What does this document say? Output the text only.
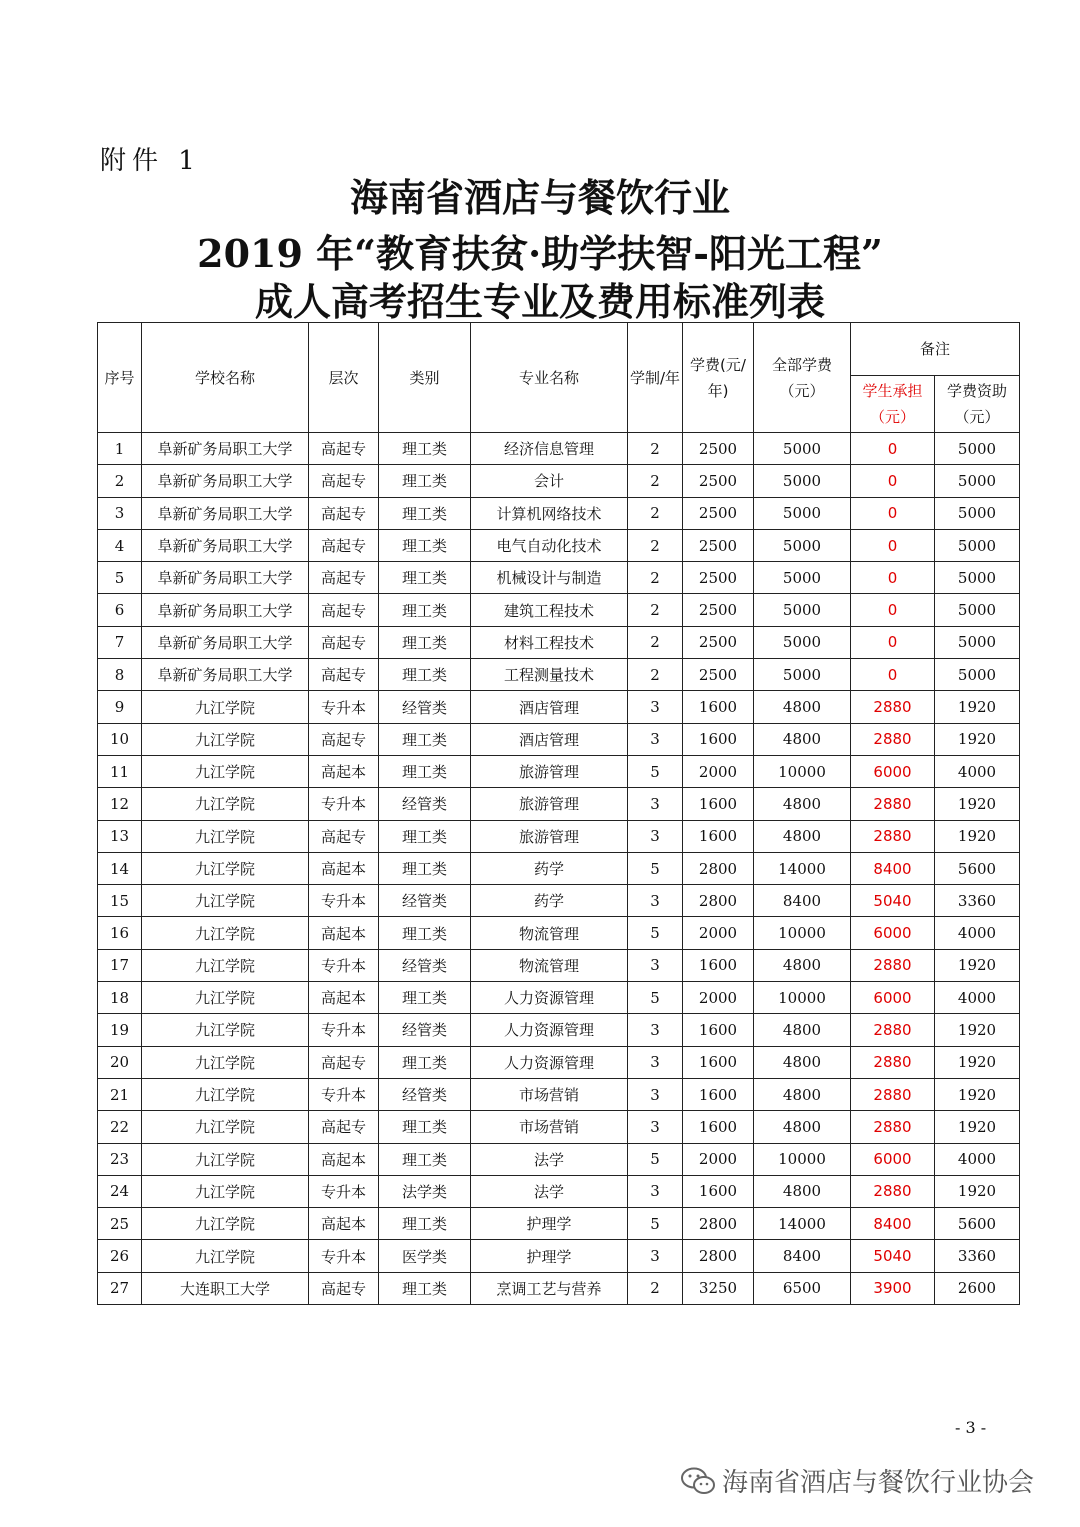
附件 1
海南省酒店与餐饮行业
2019 年“教育扶贫·助学扶智-阳光工程”
成人高考招生专业及费用标准列表
序号	学校名称	层次	类别	专业名称	学制/年	学费(元/年)	全部学费（元）	备注	
								学生承担（元）	学费资助（元）
1	阜新矿务局职工大学	高起专	理工类	经济信息管理	2	2500	5000	0	5000
2	阜新矿务局职工大学	高起专	理工类	会计	2	2500	5000	0	5000
3	阜新矿务局职工大学	高起专	理工类	计算机网络技术	2	2500	5000	0	5000
4	阜新矿务局职工大学	高起专	理工类	电气自动化技术	2	2500	5000	0	5000
5	阜新矿务局职工大学	高起专	理工类	机械设计与制造	2	2500	5000	0	5000
6	阜新矿务局职工大学	高起专	理工类	建筑工程技术	2	2500	5000	0	5000
7	阜新矿务局职工大学	高起专	理工类	材料工程技术	2	2500	5000	0	5000
8	阜新矿务局职工大学	高起专	理工类	工程测量技术	2	2500	5000	0	5000
9	九江学院	专升本	经管类	酒店管理	3	1600	4800	2880	1920
10	九江学院	高起专	理工类	酒店管理	3	1600	4800	2880	1920
11	九江学院	高起本	理工类	旅游管理	5	2000	10000	6000	4000
12	九江学院	专升本	经管类	旅游管理	3	1600	4800	2880	1920
13	九江学院	高起专	理工类	旅游管理	3	1600	4800	2880	1920
14	九江学院	高起本	理工类	药学	5	2800	14000	8400	5600
15	九江学院	专升本	经管类	药学	3	2800	8400	5040	3360
16	九江学院	高起本	理工类	物流管理	5	2000	10000	6000	4000
17	九江学院	专升本	经管类	物流管理	3	1600	4800	2880	1920
18	九江学院	高起本	理工类	人力资源管理	5	2000	10000	6000	4000
19	九江学院	专升本	经管类	人力资源管理	3	1600	4800	2880	1920
20	九江学院	高起专	理工类	人力资源管理	3	1600	4800	2880	1920
21	九江学院	专升本	经管类	市场营销	3	1600	4800	2880	1920
22	九江学院	高起专	理工类	市场营销	3	1600	4800	2880	1920
23	九江学院	高起本	理工类	法学	5	2000	10000	6000	4000
24	九江学院	专升本	法学类	法学	3	1600	4800	2880	1920
25	九江学院	高起本	理工类	护理学	5	2800	14000	8400	5600
26	九江学院	专升本	医学类	护理学	3	2800	8400	5040	3360
27	大连职工大学	高起专	理工类	烹调工艺与营养	2	3250	6500	3900	2600
- 3 -
海南省酒店与餐饮行业协会
